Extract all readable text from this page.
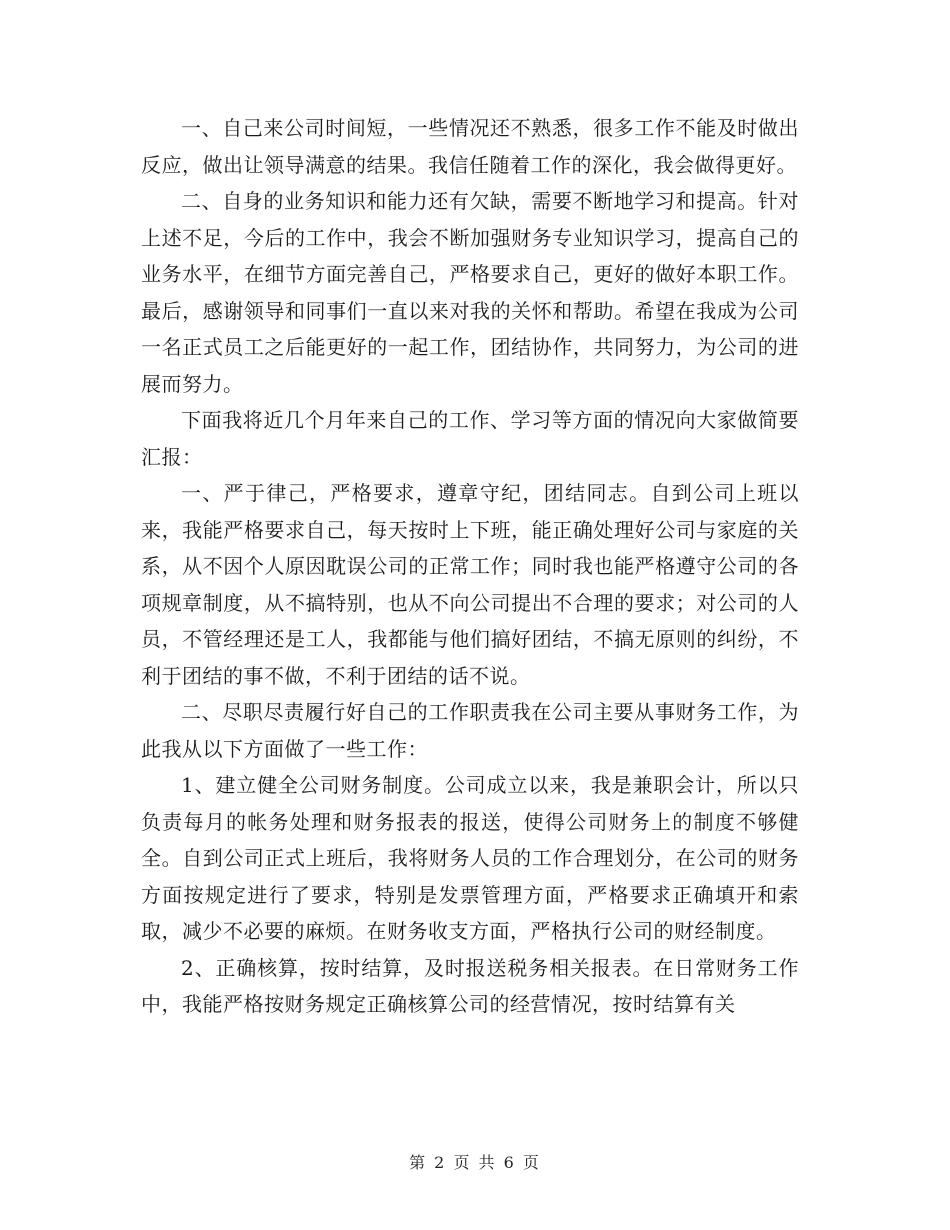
一、自己来公司时间短，一些情况还不熟悉，很多工作不能及时做出反应，做出让领导满意的结果。我信任随着工作的深化，我会做得更好。

二、自身的业务知识和能力还有欠缺，需要不断地学习和提高。针对上述不足，今后的工作中，我会不断加强财务专业知识学习，提高自己的业务水平，在细节方面完善自己，严格要求自己，更好的做好本职工作。最后，感谢领导和同事们一直以来对我的关怀和帮助。希望在我成为公司一名正式员工之后能更好的一起工作，团结协作，共同努力，为公司的进展而努力。

下面我将近几个月年来自己的工作、学习等方面的情况向大家做简要汇报：

一、严于律己，严格要求，遵章守纪，团结同志。自到公司上班以来，我能严格要求自己，每天按时上下班，能正确处理好公司与家庭的关系，从不因个人原因耽误公司的正常工作；同时我也能严格遵守公司的各项规章制度，从不搞特别，也从不向公司提出不合理的要求；对公司的人员，不管经理还是工人，我都能与他们搞好团结，不搞无原则的纠纷，不利于团结的事不做，不利于团结的话不说。

二、尽职尽责履行好自己的工作职责我在公司主要从事财务工作，为此我从以下方面做了一些工作：

1、建立健全公司财务制度。公司成立以来，我是兼职会计，所以只负责每月的帐务处理和财务报表的报送，使得公司财务上的制度不够健全。自到公司正式上班后，我将财务人员的工作合理划分，在公司的财务方面按规定进行了要求，特别是发票管理方面，严格要求正确填开和索取，减少不必要的麻烦。在财务收支方面，严格执行公司的财经制度。

2、正确核算，按时结算，及时报送税务相关报表。在日常财务工作中，我能严格按财务规定正确核算公司的经营情况，按时结算有关

第 2 页 共 6 页
